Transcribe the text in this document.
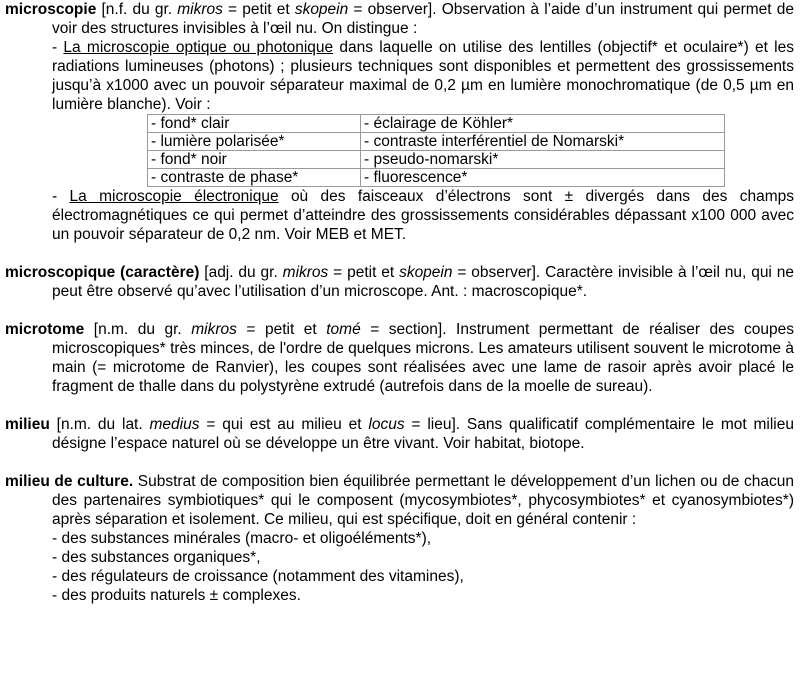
microscopie [n.f. du gr. mikros = petit et skopein = observer]. Observation à l’aide d’un instrument qui permet de voir des structures invisibles à l’œil nu. On distingue :

- La microscopie optique ou photonique dans laquelle on utilise des lentilles (objectif* et oculaire*) et les radiations lumineuses (photons) ; plusieurs techniques sont disponibles et permettent des grossissements jusqu’à x1000 avec un pouvoir séparateur maximal de 0,2 µm en lumière monochromatique (de 0,5 µm en lumière blanche). Voir :

- fond* clair	- éclairage de Köhler*
- lumière polarisée*	- contraste interférentiel de Nomarski*
- fond* noir	- pseudo-nomarski*
- contraste de phase*	- fluorescence*

- La microscopie électronique où des faisceaux d’électrons sont ± divergés dans des champs électromagnétiques ce qui permet d’atteindre des grossissements considérables dépassant x100 000 avec un pouvoir séparateur de 0,2 nm. Voir MEB et MET.

microscopique (caractère) [adj. du gr. mikros = petit et skopein = observer]. Caractère invisible à l’œil nu, qui ne peut être observé qu’avec l’utilisation d’un microscope. Ant. : macroscopique*.

microtome [n.m. du gr. mikros = petit et tomé = section]. Instrument permettant de réaliser des coupes microscopiques* très minces, de l'ordre de quelques microns. Les amateurs utilisent souvent le microtome à main (= microtome de Ranvier), les coupes sont réalisées avec une lame de rasoir après avoir placé le fragment de thalle dans du polystyrène extrudé (autrefois dans de la moelle de sureau).

milieu [n.m. du lat. medius = qui est au milieu et locus = lieu]. Sans qualificatif complémentaire le mot milieu désigne l’espace naturel où se développe un être vivant. Voir habitat, biotope.

milieu de culture. Substrat de composition bien équilibrée permettant le développement d’un lichen ou de chacun des partenaires symbiotiques* qui le composent (mycosymbiotes*, phycosymbiotes* et cyanosymbiotes*) après séparation et isolement. Ce milieu, qui est spécifique, doit en général contenir :

- des substances minérales (macro- et oligoéléments*),

- des substances organiques*,

- des régulateurs de croissance (notamment des vitamines),

- des produits naturels ± complexes.
